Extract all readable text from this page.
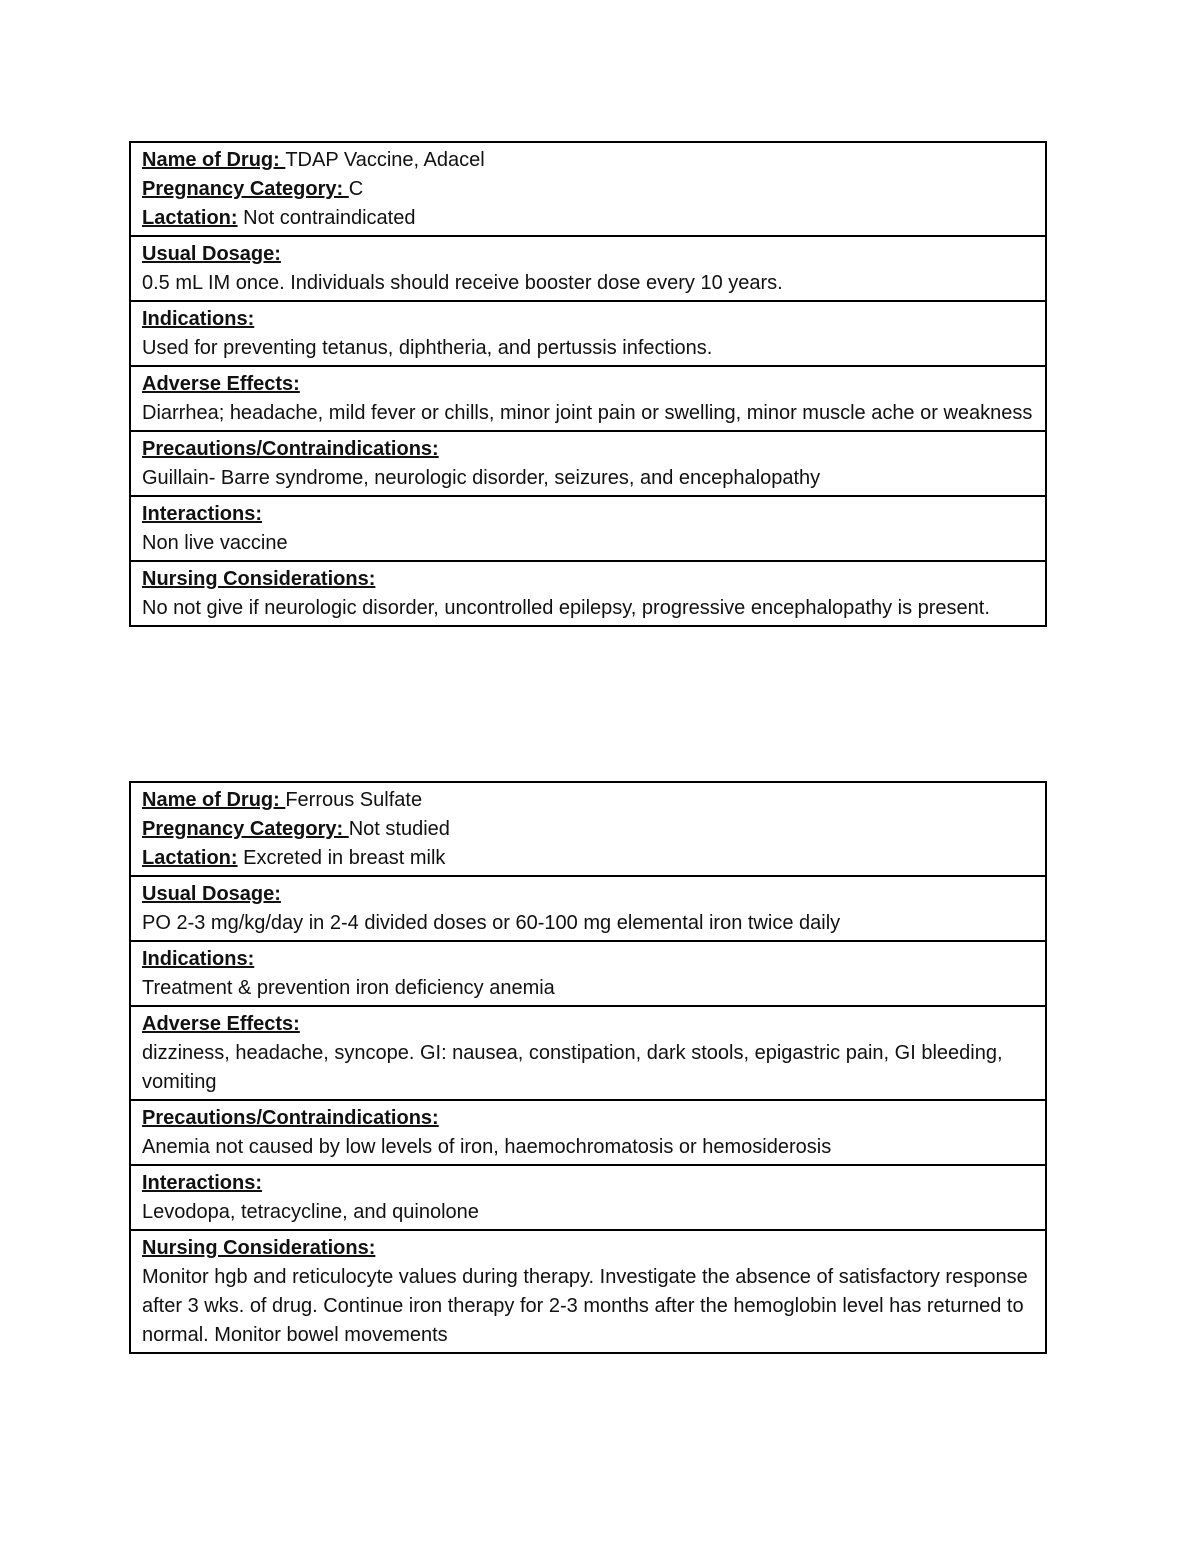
Name of Drug: TDAP Vaccine, Adacel
Pregnancy Category: C
Lactation: Not contraindicated
Usual Dosage:
0.5 mL IM once. Individuals should receive booster dose every 10 years.
Indications:
Used for preventing tetanus, diphtheria, and pertussis infections.
Adverse Effects:
Diarrhea; headache, mild fever or chills, minor joint pain or swelling, minor muscle ache or weakness
Precautions/Contraindications:
Guillain- Barre syndrome, neurologic disorder, seizures, and encephalopathy
Interactions:
Non live vaccine
Nursing Considerations:
No not give if neurologic disorder, uncontrolled epilepsy, progressive encephalopathy is present.
Name of Drug: Ferrous Sulfate
Pregnancy Category: Not studied
Lactation: Excreted in breast milk
Usual Dosage:
PO 2-3 mg/kg/day in 2-4 divided doses or 60-100 mg elemental iron twice daily
Indications:
Treatment & prevention iron deficiency anemia
Adverse Effects:
dizziness, headache, syncope. GI: nausea, constipation, dark stools, epigastric pain, GI bleeding, vomiting
Precautions/Contraindications:
Anemia not caused by low levels of iron, haemochromatosis or hemosiderosis
Interactions:
Levodopa, tetracycline, and quinolone
Nursing Considerations:
Monitor hgb and reticulocyte values during therapy. Investigate the absence of satisfactory response after 3 wks. of drug. Continue iron therapy for 2-3 months after the hemoglobin level has returned to normal. Monitor bowel movements
